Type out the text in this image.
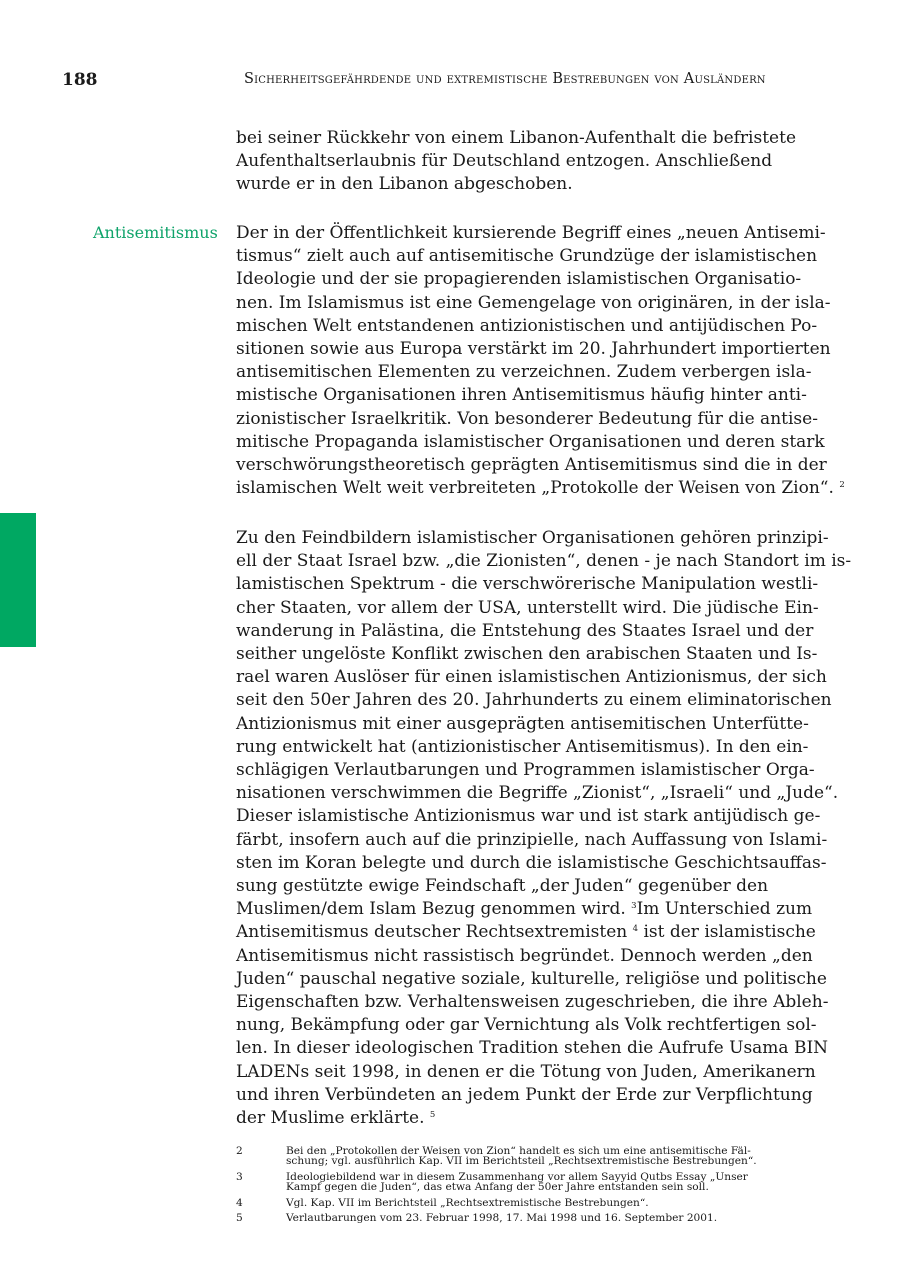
188	Sicherheitsgefährdende und extremistische Bestrebungen von Ausländern
Antisemitismus

bei seiner Rückkehr von einem Libanon-Aufenthalt die befristete
Aufenthaltserlaubnis für Deutschland entzogen. Anschließend
wurde er in den Libanon abgeschoben.

Der in der Öffentlichkeit kursierende Begriff eines „neuen Antisemi-
tismus“ zielt auch auf antisemitische Grundzüge der islamistischen
Ideologie und der sie propagierenden islamistischen Organisatio-
nen. Im Islamismus ist eine Gemengelage von originären, in der isla-
mischen Welt entstandenen antizionistischen und antijüdischen Po-
sitionen sowie aus Europa verstärkt im 20. Jahrhundert importierten
antisemitischen Elementen zu verzeichnen. Zudem verbergen isla-
mistische Organisationen ihren Antisemitismus häufig hinter anti-
zionistischer Israelkritik. Von besonderer Bedeutung für die antise-
mitische Propaganda islamistischer Organisationen und deren stark
verschwörungstheoretisch geprägten Antisemitismus sind die in der
islamischen Welt weit verbreiteten „Protokolle der Weisen von Zion“. $^2$

Zu den Feindbildern islamistischer Organisationen gehören prinzipi-
ell der Staat Israel bzw. „die Zionisten“, denen - je nach Standort im is-
lamistischen Spektrum - die verschwörerische Manipulation westli-
cher Staaten, vor allem der USA, unterstellt wird. Die jüdische Ein-
wanderung in Palästina, die Entstehung des Staates Israel und der
seither ungelöste Konflikt zwischen den arabischen Staaten und Is-
rael waren Auslöser für einen islamistischen Antizionismus, der sich
seit den 50er Jahren des 20. Jahrhunderts zu einem eliminatorischen
Antizionismus mit einer ausgeprägten antisemitischen Unterfütte-
rung entwickelt hat (antizionistischer Antisemitismus). In den ein-
schlägigen Verlautbarungen und Programmen islamistischer Orga-
nisationen verschwimmen die Begriffe „Zionist“, „Israeli“ und „Jude“.
Dieser islamistische Antizionismus war und ist stark antijüdisch ge-
färbt, insofern auch auf die prinzipielle, nach Auffassung von Islami-
sten im Koran belegte und durch die islamistische Geschichtsauffas-
sung gestützte ewige Feindschaft „der Juden“ gegenüber den
Muslimen/dem Islam Bezug genommen wird. $^3$Im Unterschied zum
Antisemitismus deutscher Rechtsextremisten $^4$ ist der islamistische
Antisemitismus nicht rassistisch begründet. Dennoch werden „den
Juden“ pauschal negative soziale, kulturelle, religiöse und politische
Eigenschaften bzw. Verhaltensweisen zugeschrieben, die ihre Ableh-
nung, Bekämpfung oder gar Vernichtung als Volk rechtfertigen sol-
len. In dieser ideologischen Tradition stehen die Aufrufe Usama BIN
LADENs seit 1998, in denen er die Tötung von Juden, Amerikanern
und ihren Verbündeten an jedem Punkt der Erde zur Verpflichtung
der Muslime erklärte. $^5$

2	Bei den „Protokollen der Weisen von Zion“ handelt es sich um eine antisemitische Fäl-
schung; vgl. ausführlich Kap. VII im Berichtsteil „Rechtsextremistische Bestrebungen“.
3	Ideologiebildend war in diesem Zusammenhang vor allem Sayyid Qutbs Essay „Unser
Kampf gegen die Juden“, das etwa Anfang der 50er Jahre entstanden sein soll.
4	Vgl. Kap. VII im Berichtsteil „Rechtsextremistische Bestrebungen“.
5	Verlautbarungen vom 23. Februar 1998, 17. Mai 1998 und 16. September 2001.
